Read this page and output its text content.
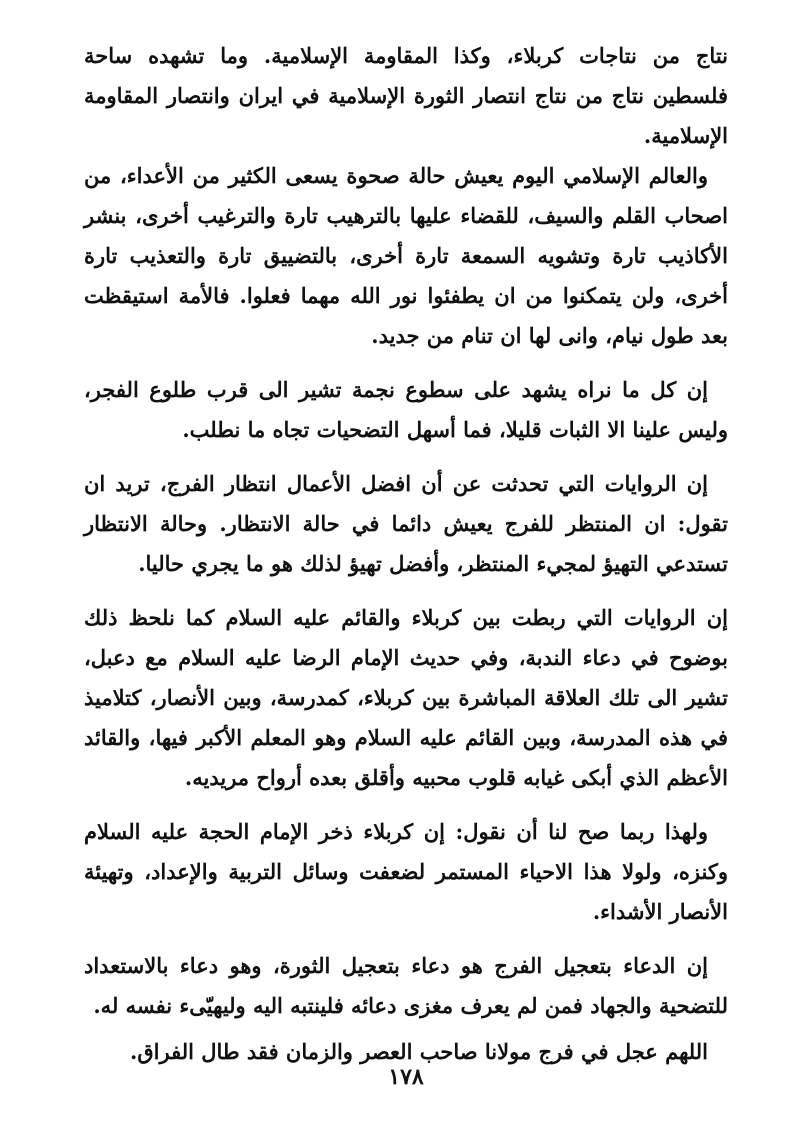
نتاج من نتاجات كربلاء، وكذا المقاومة الإسلامية. وما تشهده ساحة فلسطين نتاج من نتاج انتصار الثورة الإسلامية في ايران وانتصار المقاومة الإسلامية.

والعالم الإسلامي اليوم يعيش حالة صحوة يسعى الكثير من الأعداء، من اصحاب القلم والسيف، للقضاء عليها بالترهيب تارة والترغيب أخرى، بنشر الأكاذيب تارة وتشويه السمعة تارة أخرى، بالتضييق تارة والتعذيب تارة أخرى، ولن يتمكنوا من ان يطفئوا نور الله مهما فعلوا. فالأمة استيقظت بعد طول نيام، وانى لها ان تنام من جديد.

إن كل ما نراه يشهد على سطوع نجمة تشير الى قرب طلوع الفجر، وليس علينا الا الثبات قليلا، فما أسهل التضحيات تجاه ما نطلب.

إن الروايات التي تحدثت عن أن افضل الأعمال انتظار الفرج، تريد ان تقول: ان المنتظر للفرج يعيش دائما في حالة الانتظار. وحالة الانتظار تستدعي التهيؤ لمجيء المنتظر، وأفضل تهيؤ لذلك هو ما يجري حاليا.

إن الروايات التي ربطت بين كربلاء والقائم عليه السلام كما نلحظ ذلك بوضوح في دعاء الندبة، وفي حديث الإمام الرضا عليه السلام مع دعبل، تشير الى تلك العلاقة المباشرة بين كربلاء، كمدرسة، وبين الأنصار، كتلاميذ في هذه المدرسة، وبين القائم عليه السلام وهو المعلم الأكبر فيها، والقائد الأعظم الذي أبكى غيابه قلوب محبيه وأقلق بعده أرواح مريديه.

ولهذا ربما صح لنا أن نقول: إن كربلاء ذخر الإمام الحجة عليه السلام وكنزه، ولولا هذا الاحياء المستمر لضعفت وسائل التربية والإعداد، وتهيئة الأنصار الأشداء.

إن الدعاء بتعجيل الفرج هو دعاء بتعجيل الثورة، وهو دعاء بالاستعداد للتضحية والجهاد فمن لم يعرف مغزى دعائه فلينتبه اليه وليهيّىء نفسه له.

اللهم عجل في فرج مولانا صاحب العصر والزمان فقد طال الفراق.

١٧٨
